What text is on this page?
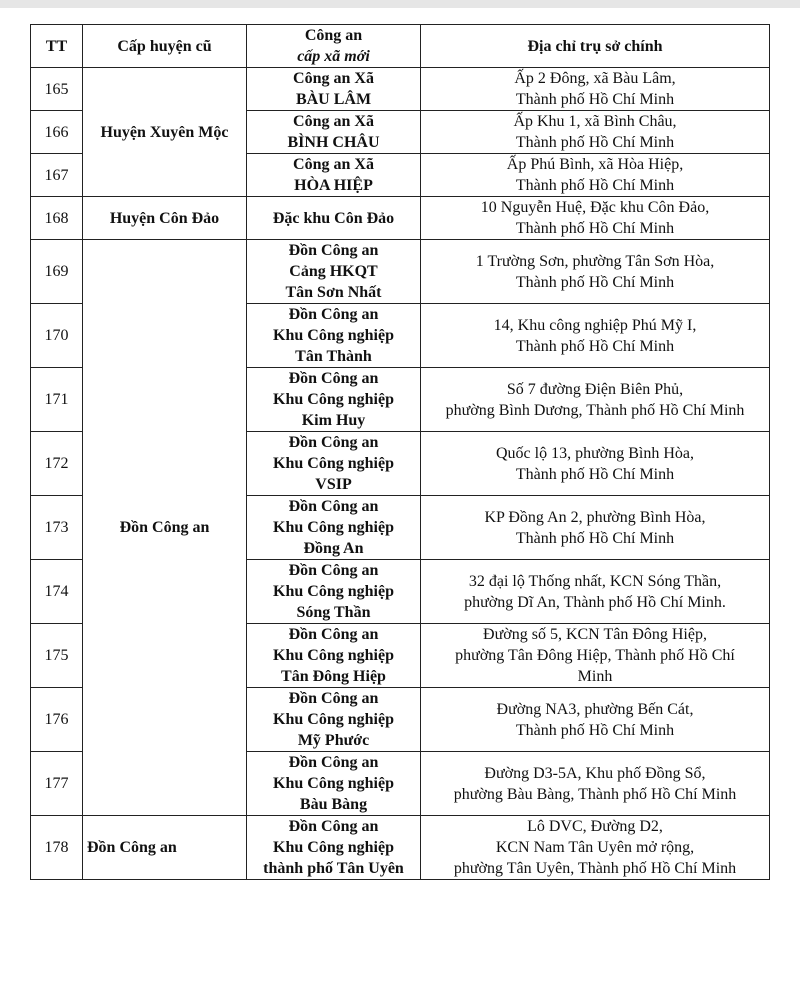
TT	Cấp huyện cũ	Công an
cấp xã mới	Địa chỉ trụ sở chính
165	Huyện Xuyên Mộc	Công an Xã
BÀU LÂM	Ấp 2 Đông, xã Bàu Lâm,
Thành phố Hồ Chí Minh

166		Công an Xã
BÌNH CHÂU	Ấp Khu 1, xã Bình Châu,
Thành phố Hồ Chí Minh

167		Công an Xã
HÒA HIỆP	Ấp Phú Bình, xã Hòa Hiệp,
Thành phố Hồ Chí Minh

168	Huyện Côn Đảo	Đặc khu Côn Đảo	10 Nguyễn Huệ, Đặc khu Côn Đảo,
Thành phố Hồ Chí Minh

169	Đồn Công an	Đồn Công an
Cảng HKQT
Tân Sơn Nhất	1 Trường Sơn, phường Tân Sơn Hòa,
Thành phố Hồ Chí Minh

170		Đồn Công an
Khu Công nghiệp
Tân Thành	14, Khu công nghiệp Phú Mỹ I,
Thành phố Hồ Chí Minh

171		Đồn Công an
Khu Công nghiệp
Kim Huy	Số 7 đường Điện Biên Phủ,
phường Bình Dương, Thành phố Hồ Chí Minh

172		Đồn Công an
Khu Công nghiệp
VSIP	Quốc lộ 13, phường Bình Hòa,
Thành phố Hồ Chí Minh

173		Đồn Công an
Khu Công nghiệp
Đồng An	KP Đồng An 2, phường Bình Hòa,
Thành phố Hồ Chí Minh

174		Đồn Công an
Khu Công nghiệp
Sóng Thần	32 đại lộ Thống nhất, KCN Sóng Thần,
phường Dĩ An, Thành phố Hồ Chí Minh.

175		Đồn Công an
Khu Công nghiệp
Tân Đông Hiệp	Đường số 5, KCN Tân Đông Hiệp,
phường Tân Đông Hiệp, Thành phố Hồ Chí
Minh

176		Đồn Công an
Khu Công nghiệp
Mỹ Phước	Đường NA3, phường Bến Cát,
Thành phố Hồ Chí Minh

177		Đồn Công an
Khu Công nghiệp
Bàu Bàng	Đường D3-5A, Khu phố Đồng Sổ,
phường Bàu Bàng, Thành phố Hồ Chí Minh

178	Đồn Công an	Đồn Công an
Khu Công nghiệp
thành phố Tân Uyên	Lô DVC, Đường D2,
KCN Nam Tân Uyên mở rộng,
phường Tân Uyên, Thành phố Hồ Chí Minh
